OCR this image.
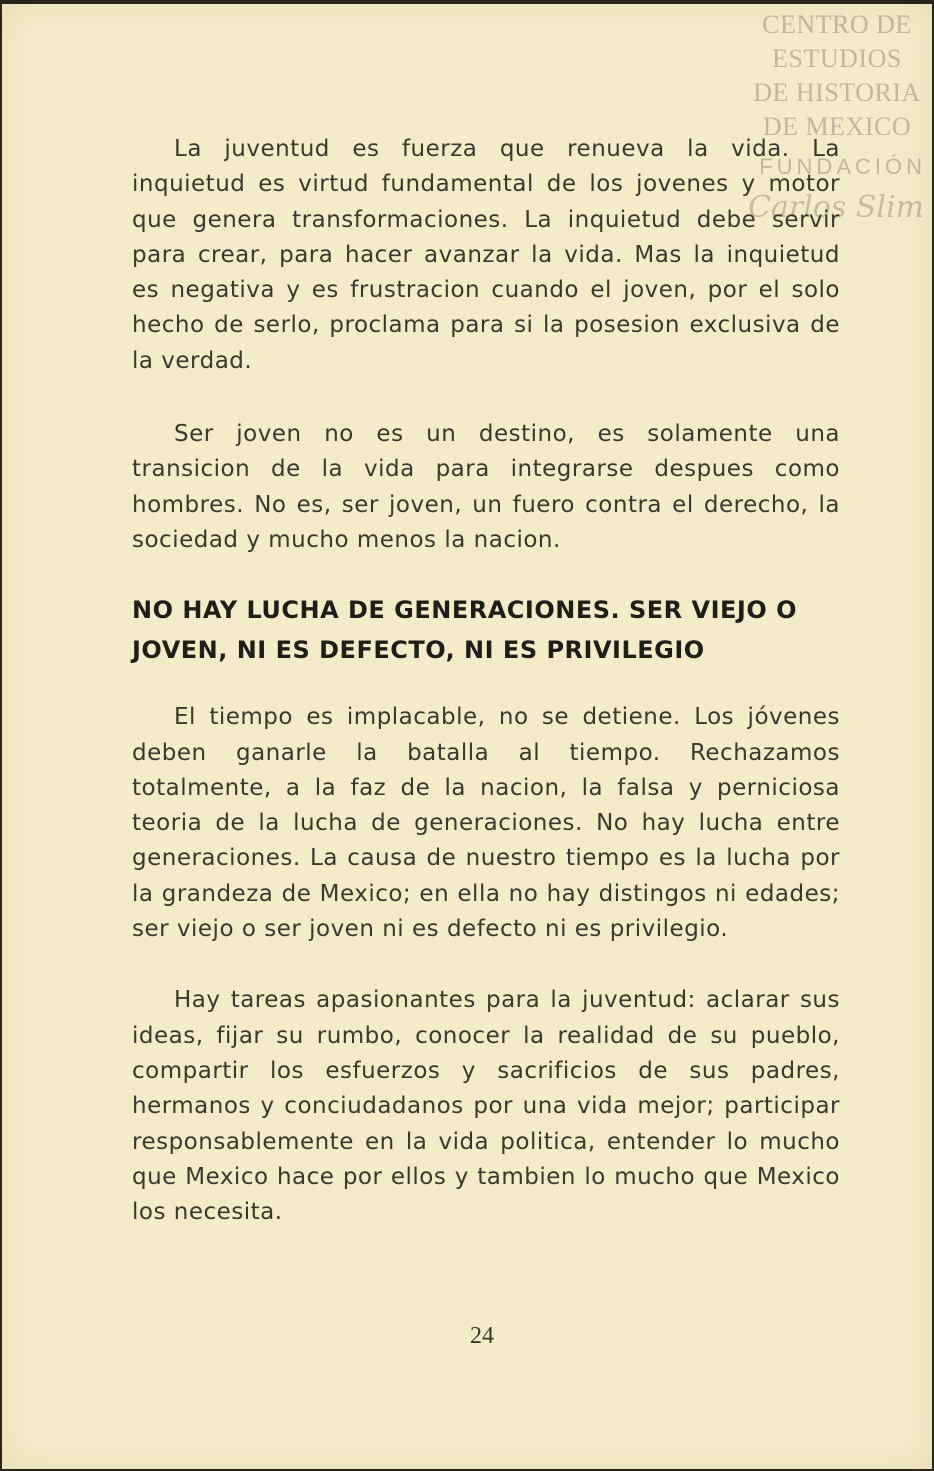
CENTRO DE
ESTUDIOS
DE HISTORIA
DE MEXICO
FUNDACIÓN
Carlos Slim

La juventud es fuerza que renueva la vida. La inquietud es virtud fundamental de los jovenes y motor que genera transformaciones. La inquietud debe servir para crear, para hacer avanzar la vida. Mas la inquietud es negativa y es frustracion cuando el joven, por el solo hecho de serlo, proclama para si la posesion exclusiva de la verdad.

Ser joven no es un destino, es solamente una transicion de la vida para integrarse despues como hombres. No es, ser joven, un fuero contra el derecho, la sociedad y mucho menos la nacion.

NO HAY LUCHA DE GENERACIONES. SER VIEJO O JOVEN, NI ES DEFECTO, NI ES PRIVILEGIO

El tiempo es implacable, no se detiene. Los jóvenes deben ganarle la batalla al tiempo. Rechazamos totalmente, a la faz de la nacion, la falsa y perniciosa teoria de la lucha de generaciones. No hay lucha entre generaciones. La causa de nuestro tiempo es la lucha por la grandeza de Mexico; en ella no hay distingos ni edades; ser viejo o ser joven ni es defecto ni es privilegio.

Hay tareas apasionantes para la juventud: aclarar sus ideas, fijar su rumbo, conocer la realidad de su pueblo, compartir los esfuerzos y sacrificios de sus padres, hermanos y conciudadanos por una vida mejor; participar responsablemente en la vida politica, entender lo mucho que Mexico hace por ellos y tambien lo mucho que Mexico los necesita.

24
